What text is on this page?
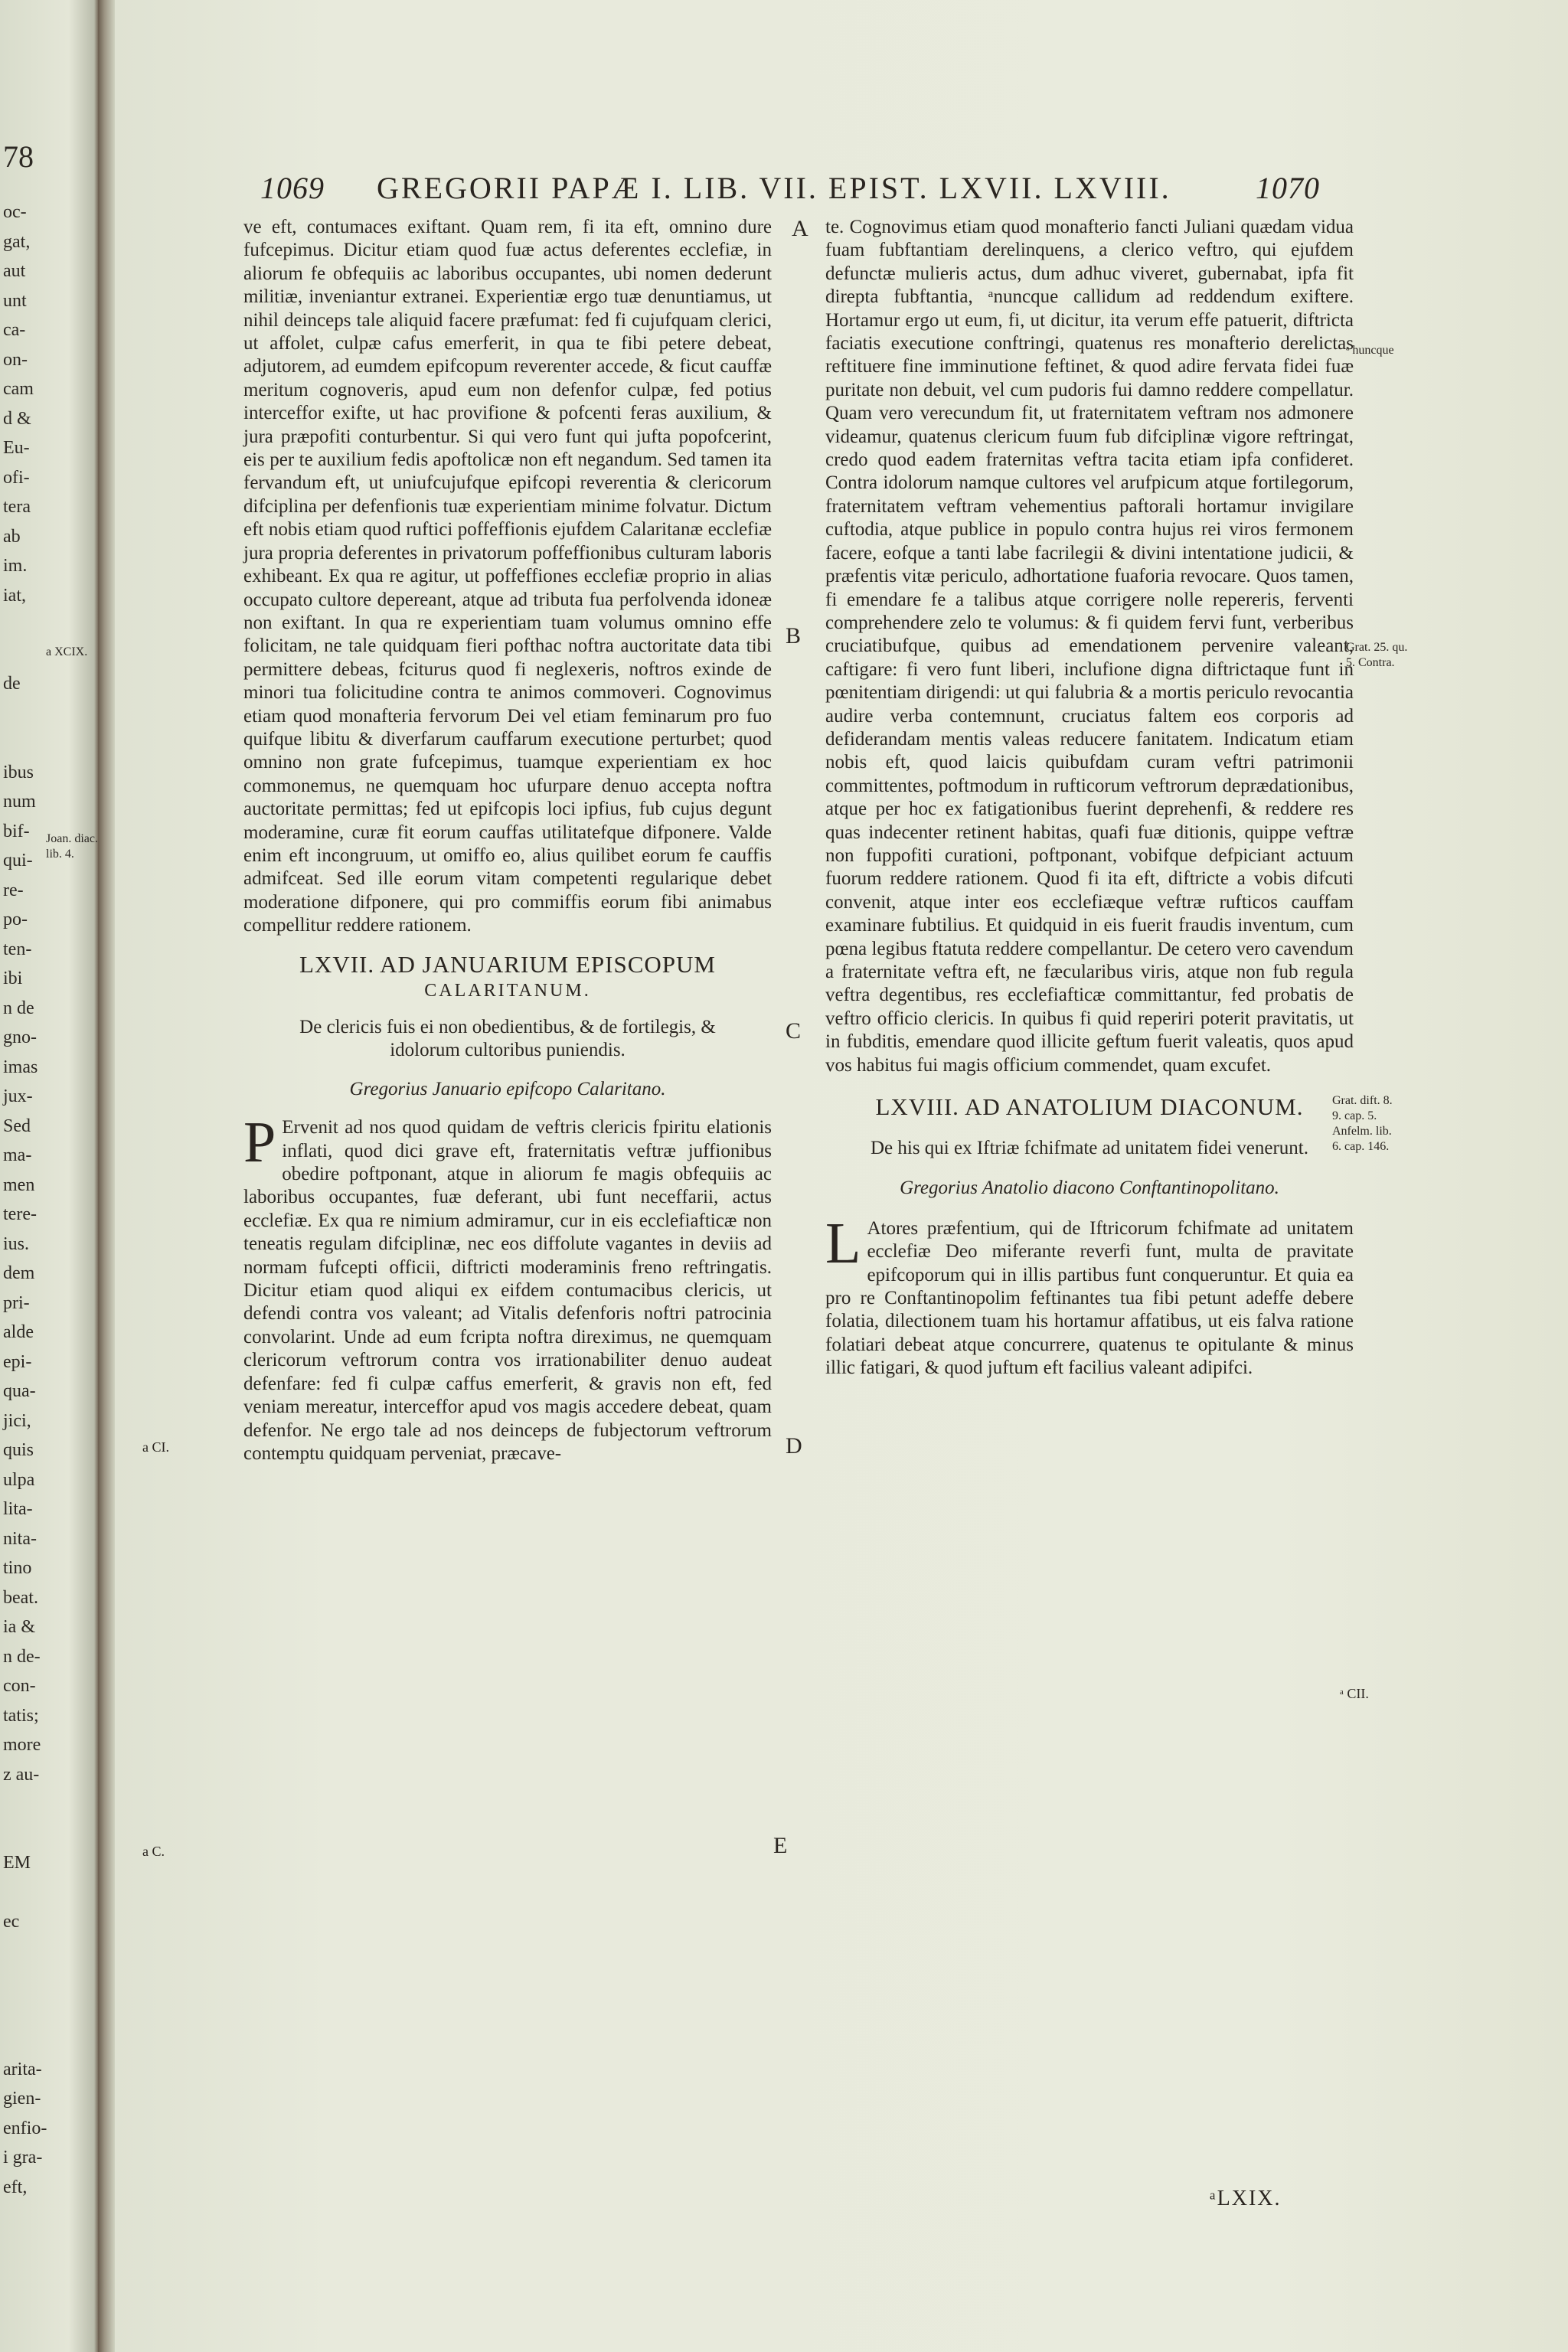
78
oc-
gat,
aut
unt
ca-
on-
cam
d &
Eu-
ofi-
tera
ab
im.
iat,
de
ibus
num
bif-
qui-
re-
po-
ten-
ibi
n de
gno-
imas
jux-
Sed
ma-
men
tere-
ius.
dem
pri-
alde
epi-
qua-
jici,
quis
ulpa
lita-
nita-
tino
beat.
ia &
n de-
con-
tatis;
more
z au-
EM
ec
arita-
gien-
enfio-
i gra-
eft,
1069 GREGORII PAPÆ I. LIB. VII. EPIST. LXVII. LXVIII.	1070

ve eft, contumaces exiftant. Quam rem, fi ita eft, omnino dure fufcepimus. Dicitur etiam quod fuæ actus deferentes ecclefiæ, in aliorum fe obfequiis ac laboribus occupantes, ubi nomen dederunt militiæ, inveniantur extranei. Experientiæ ergo tuæ denuntiamus, ut nihil deinceps tale aliquid facere præfumat: fed fi cujufquam clerici, ut affolet, culpæ cafus emerferit, in qua te fibi petere debeat, adjutorem, ad eumdem epifcopum reverenter accede, & ficut cauffæ meritum cognoveris, apud eum non defenfor culpæ, fed potius interceffor exifte, ut hac provifione & pofcenti feras auxilium, & jura præpofiti conturbentur. Si qui vero funt qui jufta popofcerint, eis per te auxilium fedis apoftolicæ non eft negandum. Sed tamen ita fervandum eft, ut uniufcujufque epifcopi reverentia & clericorum difciplina per defenfionis tuæ experientiam minime folvatur. Dictum eft nobis etiam quod ruftici poffeffionis ejufdem Calaritanæ ecclefiæ jura propria deferentes in privatorum poffeffionibus culturam laboris exhibeant. Ex qua re agitur, ut poffeffiones ecclefiæ proprio in alias occupato cultore depereant, atque ad tributa fua perfolvenda idoneæ non exiftant. In qua re experientiam tuam volumus omnino effe folicitam, ne tale quidquam fieri pofthac noftra auctoritate data tibi permittere debeas, fciturus quod fi neglexeris, noftros exinde de minori tua folicitudine contra te animos commoveri. Cognovimus etiam quod monafteria fervorum Dei vel etiam feminarum pro fuo quifque libitu & diverfarum cauffarum executione perturbet; quod omnino non grate fufcepimus, tuamque experientiam ex hoc commonemus, ne quemquam hoc ufurpare denuo accepta noftra auctoritate permittas; fed ut epifcopis loci ipfius, fub cujus degunt moderamine, curæ fit eorum cauffas utilitatefque difponere. Valde enim eft incongruum, ut omiffo eo, alius quilibet eorum fe cauffis admifceat. Sed ille eorum vitam competenti regularique debet moderatione difponere, qui pro commiffis eorum fibi animabus compellitur reddere rationem.

LXVII. AD JANUARIUM EPISCOPUM

CALARITANUM.

De clericis fuis ei non obedientibus, & de fortilegis, & idolorum cultoribus puniendis.

Gregorius Januario epifcopo Calaritano.

P Ervenit ad nos quod quidam de veftris clericis fpiritu elationis inflati, quod dici grave eft, fraternitatis veftræ juffionibus obedire poftponant, atque in aliorum fe magis obfequiis ac laboribus occupantes, fuæ deferant, ubi funt neceffarii, actus ecclefiæ. Ex qua re nimium admiramur, cur in eis ecclefiafticæ non teneatis regulam difciplinæ, nec eos diffolute vagantes in deviis ad normam fufcepti officii, diftricti moderaminis freno reftringatis. Dicitur etiam quod aliqui ex eifdem contumacibus clericis, ut defendi contra vos valeant; ad Vitalis defenforis noftri patrocinia convolarint. Unde ad eum fcripta noftra direximus, ne quemquam clericorum veftrorum contra vos irrationabiliter denuo audeat defenfare: fed fi culpæ caffus emerferit, & gravis non eft, fed veniam mereatur, interceffor apud vos magis accedere debeat, quam defenfor. Ne ergo tale ad nos deinceps de fubjectorum veftrorum contemptu quidquam perveniat, præcave-

te. Cognovimus etiam quod monafterio fancti Juliani quædam vidua fuam fubftantiam derelinquens, a clerico veftro, qui ejufdem defunctæ mulieris actus, dum adhuc viveret, gubernabat, ipfa fit direpta fubftantia, ᵃnuncque callidum ad reddendum exiftere. Hortamur ergo ut eum, fi, ut dicitur, ita verum effe patuerit, diftricta faciatis executione conftringi, quatenus res monafterio derelictas reftituere fine imminutione feftinet, & quod adire fervata fidei fuæ puritate non debuit, vel cum pudoris fui damno reddere compellatur. Quam vero verecundum fit, ut fraternitatem veftram nos admonere videamur, quatenus clericum fuum fub difciplinæ vigore reftringat, credo quod eadem fraternitas veftra tacita etiam ipfa confideret. Contra idolorum namque cultores vel arufpicum atque fortilegorum, fraternitatem veftram vehementius paftorali hortamur invigilare cuftodia, atque publice in populo contra hujus rei viros fermonem facere, eofque a tanti labe facrilegii & divini intentatione judicii, & præfentis vitæ periculo, adhortatione fuaforia revocare. Quos tamen, fi emendare fe a talibus atque corrigere nolle repereris, ferventi comprehendere zelo te volumus: & fi quidem fervi funt, verberibus cruciatibufque, quibus ad emendationem pervenire valeant, caftigare: fi vero funt liberi, inclufione digna diftrictaque funt in pœnitentiam dirigendi: ut qui falubria & a mortis periculo revocantia audire verba contemnunt, cruciatus faltem eos corporis ad defiderandam mentis valeas reducere fanitatem. Indicatum etiam nobis eft, quod laicis quibufdam curam veftri patrimonii committentes, poftmodum in rufticorum veftrorum deprædationibus, atque per hoc ex fatigationibus fuerint deprehenfi, & reddere res quas indecenter retinent habitas, quafi fuæ ditionis, quippe veftræ non fuppofiti curationi, poftponant, vobifque defpiciant actuum fuorum reddere rationem. Quod fi ita eft, diftricte a vobis difcuti convenit, atque inter eos ecclefiæque veftræ rufticos cauffam examinare fubtilius. Et quidquid in eis fuerit fraudis inventum, cum pœna legibus ftatuta reddere compellantur. De cetero vero cavendum a fraternitate veftra eft, ne fæcularibus viris, atque non fub regula veftra degentibus, res ecclefiafticæ committantur, fed probatis de veftro officio clericis. In quibus fi quid reperiri poterit pravitatis, ut in fubditis, emendare quod illicite geftum fuerit valeatis, quos apud vos habitus fui magis officium commendet, quam excufet.

LXVIII. AD ANATOLIUM DIACONUM.

De his qui ex Iftriæ fchifmate ad unitatem fidei venerunt.

Gregorius Anatolio diacono Conftantinopolitano.

L Atores præfentium, qui de Iftricorum fchifmate ad unitatem ecclefiæ Deo miferante reverfi funt, multa de pravitate epifcoporum qui in illis partibus funt conqueruntur. Et quia ea pro re Conftantinopolim feftinantes tua fibi petunt adeffe debere folatia, dilectionem tuam his hortamur affatibus, ut eis falva ratione folatiari debeat atque concurrere, quatenus te opitulante & minus illic fatigari, & quod juftum eft facilius valeant adipifci.

ᵃLXIX.
A
B
C
D
E
ᵃ huncque
Grat. 25. qu.
5. Contra.
Grat. dift. 8.
9. cap. 5.
Anfelm. lib.
6. cap. 146.
ᵃ CII.
a XCIX.
Joan. diac.
lib. 4.
a CI.
a C.
